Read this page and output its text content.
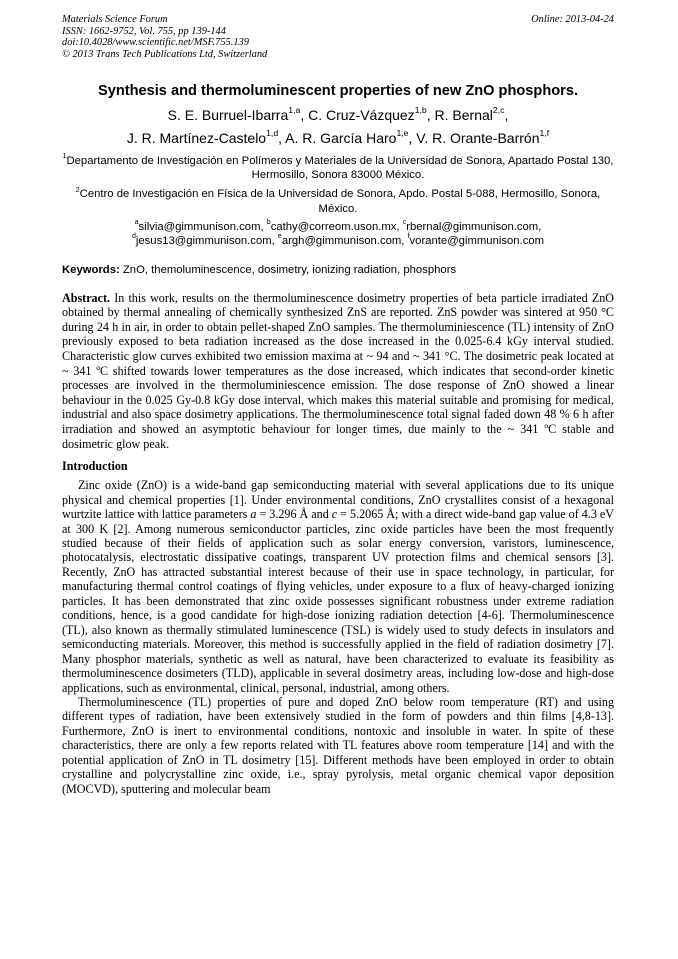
Materials Science Forum
ISSN: 1662-9752, Vol. 755, pp 139-144
doi:10.4028/www.scientific.net/MSF.755.139
© 2013 Trans Tech Publications Ltd, Switzerland
Online: 2013-04-24
Synthesis and thermoluminescent properties of new ZnO phosphors.
S. E. Burruel-Ibarra$^{1,a}$, C. Cruz-Vázquez$^{1,b}$, R. Bernal$^{2,c}$,
J. R. Martínez-Castelo$^{1,d}$, A. R. García Haro$^{1,e}$, V. R. Orante-Barrón$^{1,f}$
$^1$Departamento de Investigación en Polímeros y Materiales de la Universidad de Sonora, Apartado Postal 130, Hermosillo, Sonora 83000 México.
$^2$Centro de Investigación en Física de la Universidad de Sonora, Apdo. Postal 5-088, Hermosillo, Sonora, México.
$^a$silvia@gimmunison.com, $^b$cathy@correom.uson.mx, $^c$rbernal@gimmunison.com,
$^d$jesus13@gimmunison.com, $^e$argh@gimmunison.com, $^f$vorante@gimmunison.com
Keywords: ZnO, themoluminescence, dosimetry, ionizing radiation, phosphors
Abstract. In this work, results on the thermoluminescence dosimetry properties of beta particle irradiated ZnO obtained by thermal annealing of chemically synthesized ZnS are reported. ZnS powder was sintered at 950 °C during 24 h in air, in order to obtain pellet-shaped ZnO samples. The thermoluminiescence (TL) intensity of ZnO previously exposed to beta radiation increased as the dose increased in the 0.025-6.4 kGy interval studied. Characteristic glow curves exhibited two emission maxima at ~ 94 and ~ 341 °C. The dosimetric peak located at ~ 341 ºC shifted towards lower temperatures as the dose increased, which indicates that second-order kinetic processes are involved in the thermoluminiescence emission. The dose response of ZnO showed a linear behaviour in the 0.025 Gy-0.8 kGy dose interval, which makes this material suitable and promising for medical, industrial and also space dosimetry applications. The thermoluminescence total signal faded down 48 % 6 h after irradiation and showed an asymptotic behaviour for longer times, due mainly to the ~ 341 ºC stable and dosimetric glow peak.
Introduction
Zinc oxide (ZnO) is a wide-band gap semiconducting material with several applications due to its unique physical and chemical properties [1]. Under environmental conditions, ZnO crystallites consist of a hexagonal wurtzite lattice with lattice parameters a = 3.296 Å and c = 5.2065 Å; with a direct wide-band gap value of 4.3 eV at 300 K [2]. Among numerous semiconductor particles, zinc oxide particles have been the most frequently studied because of their fields of application such as solar energy conversion, varistors, luminescence, photocatalysis, electrostatic dissipative coatings, transparent UV protection films and chemical sensors [3]. Recently, ZnO has attracted substantial interest because of their use in space technology, in particular, for manufacturing thermal control coatings of flying vehicles, under exposure to a flux of heavy-charged ionizing particles. It has been demonstrated that zinc oxide possesses significant robustness under extreme radiation conditions, hence, is a good candidate for high-dose ionizing radiation detection [4-6]. Thermoluminescence (TL), also known as thermally stimulated luminescence (TSL) is widely used to study defects in insulators and semiconducting materials. Moreover, this method is successfully applied in the field of radiation dosimetry [7]. Many phosphor materials, synthetic as well as natural, have been characterized to evaluate its feasibility as thermoluminescence dosimeters (TLD), applicable in several dosimetry areas, including low-dose and high-dose applications, such as environmental, clinical, personal, industrial, among others.
Thermoluminescence (TL) properties of pure and doped ZnO below room temperature (RT) and using different types of radiation, have been extensively studied in the form of powders and thin films [4,8-13]. Furthermore, ZnO is inert to environmental conditions, nontoxic and insoluble in water. In spite of these characteristics, there are only a few reports related with TL features above room temperature [14] and with the potential application of ZnO in TL dosimetry [15]. Different methods have been employed in order to obtain crystalline and polycrystalline zinc oxide, i.e., spray pyrolysis, metal organic chemical vapor deposition (MOCVD), sputtering and molecular beam
